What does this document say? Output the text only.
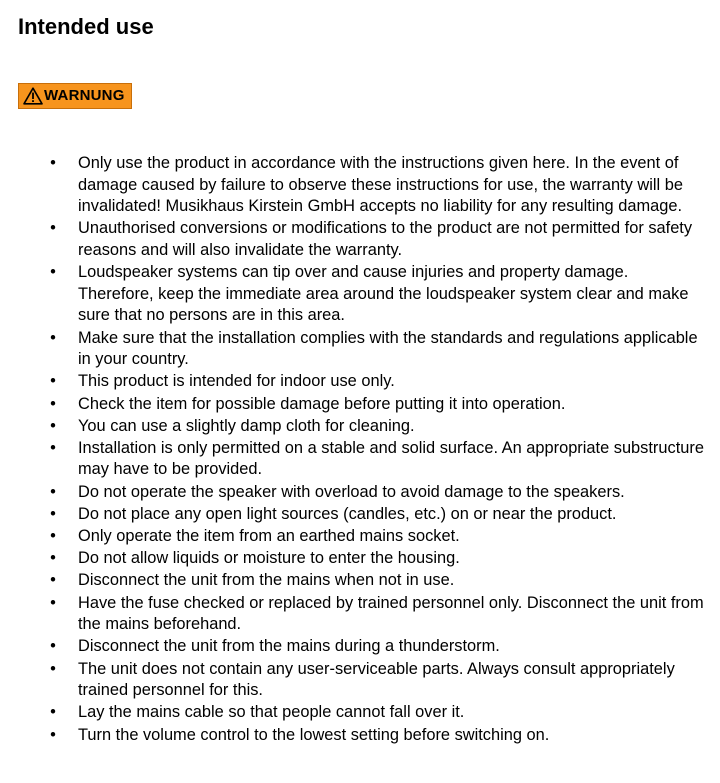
Intended use
WARNUNG
• Only use the product in accordance with the instructions given here. In the event of damage caused by failure to observe these instructions for use, the warranty will be invalidated! Musikhaus Kirstein GmbH accepts no liability for any resulting damage.
• Unauthorised conversions or modifications to the product are not permitted for safety reasons and will also invalidate the warranty.
• Loudspeaker systems can tip over and cause injuries and property damage. Therefore, keep the immediate area around the loudspeaker system clear and make sure that no persons are in this area.
• Make sure that the installation complies with the standards and regulations applicable in your country.
• This product is intended for indoor use only.
• Check the item for possible damage before putting it into operation.
• You can use a slightly damp cloth for cleaning.
• Installation is only permitted on a stable and solid surface. An appropriate substructure may have to be provided.
• Do not operate the speaker with overload to avoid damage to the speakers.
• Do not place any open light sources (candles, etc.) on or near the product.
• Only operate the item from an earthed mains socket.
• Do not allow liquids or moisture to enter the housing.
• Disconnect the unit from the mains when not in use.
• Have the fuse checked or replaced by trained personnel only. Disconnect the unit from the mains beforehand.
• Disconnect the unit from the mains during a thunderstorm.
• The unit does not contain any user-serviceable parts. Always consult appropriately trained personnel for this.
• Lay the mains cable so that people cannot fall over it.
• Turn the volume control to the lowest setting before switching on.
